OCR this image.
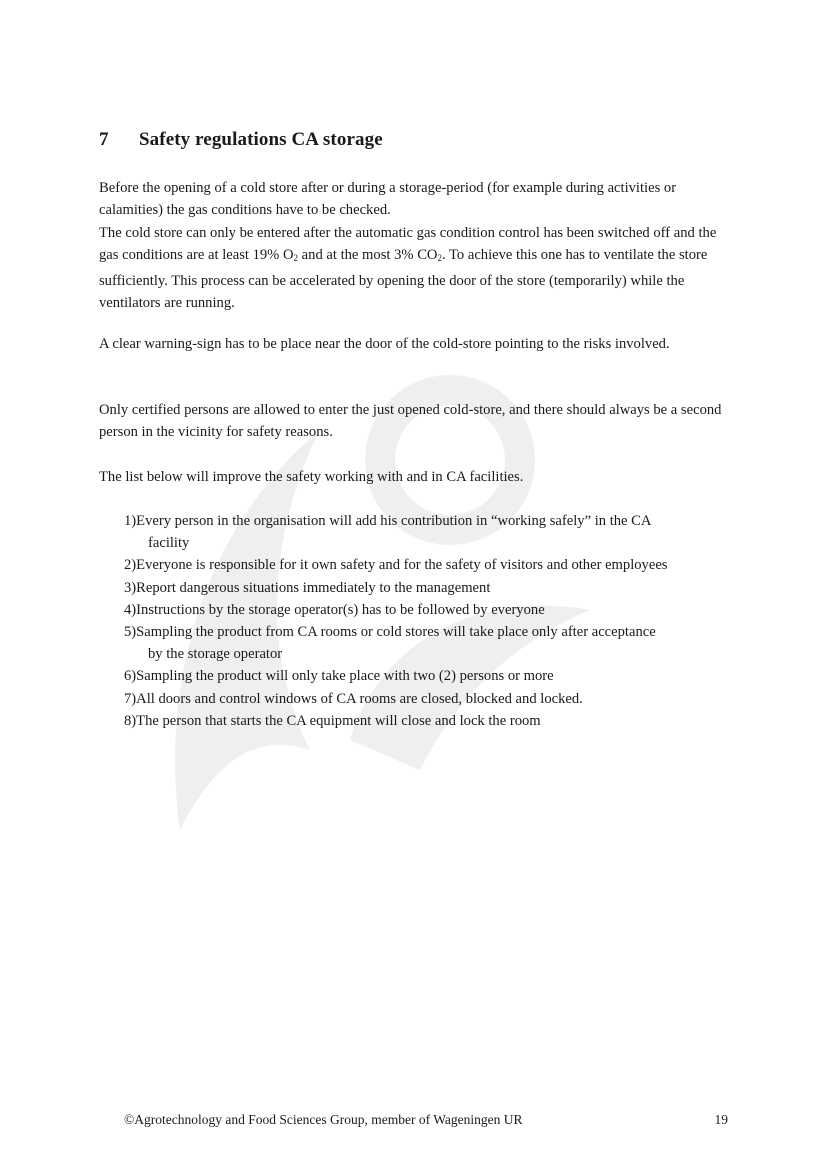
7 Safety regulations CA storage
Before the opening of a cold store after or during a storage-period (for example during activities or calamities) the gas conditions have to be checked.
The cold store can only be entered after the automatic gas condition control has been switched off and the gas conditions are at least 19% $O_2$ and at the most 3% $CO_2$. To achieve this one has to ventilate the store sufficiently. This process can be accelerated by opening the door of the store (temporarily) while the ventilators are running.
A clear warning-sign has to be place near the door of the cold-store pointing to the risks involved.
Only certified persons are allowed to enter the just opened cold-store, and there should always be a second person in the vicinity for safety reasons.
The list below will improve the safety working with and in CA facilities.
1)Every person in the organisation will add his contribution in “working safely” in the CA
facility
2)Everyone is responsible for it own safety and for the safety of visitors and other employees
3)Report dangerous situations immediately to the management
4)Instructions by the storage operator(s) has to be followed by everyone
5)Sampling the product from CA rooms or cold stores will take place only after acceptance
by the storage operator
6)Sampling the product will only take place with two (2) persons or more
7)All doors and control windows of CA rooms are closed, blocked and locked.
8)The person that starts the CA equipment will close and lock the room
©Agrotechnology and Food Sciences Group, member of Wageningen UR	19
